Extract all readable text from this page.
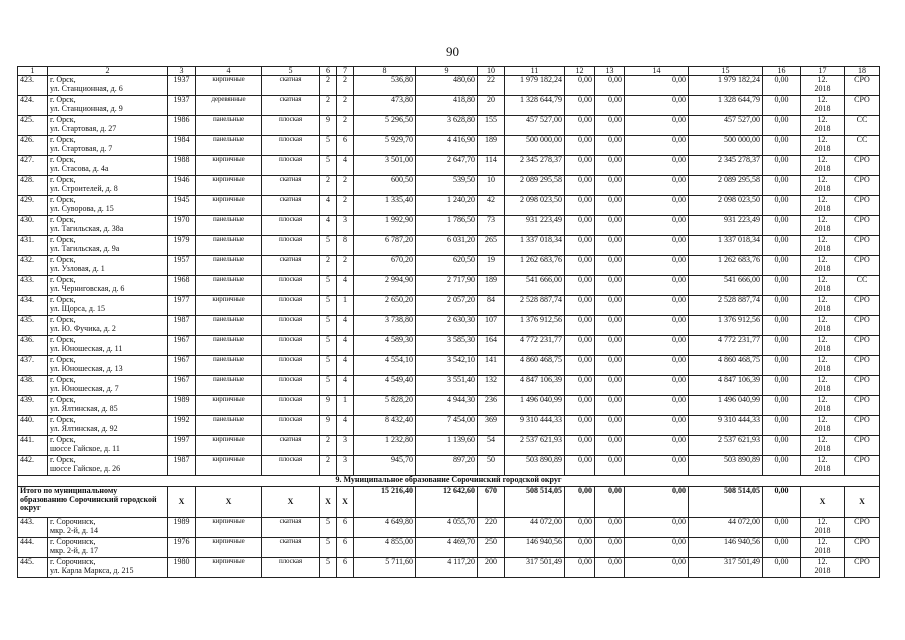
90
1	2	3	4	5	6	7	8	9	10	11	12	13	14	15	16	17	18
423.	г. Орск,
ул. Станционная, д. 6	1937	кирпичные	скатная	2	2	536,80	480,60	22	1 979 182,24	0,00	0,00	0,00	1 979 182,24	0,00	12.
2018	СРО
424.	г. Орск,
ул. Станционная, д. 9	1937	деревянные	скатная	2	2	473,80	418,80	20	1 328 644,79	0,00	0,00	0,00	1 328 644,79	0,00	12.
2018	СРО
425.	г. Орск,
ул. Стартовая, д. 27	1986	панельные	плоская	9	2	5 296,50	3 628,80	155	457 527,00	0,00	0,00	0,00	457 527,00	0,00	12.
2018	СС
426.	г. Орск,
ул. Стартовая, д. 7	1984	панельные	плоская	5	6	5 929,70	4 416,90	189	500 000,00	0,00	0,00	0,00	500 000,00	0,00	12.
2018	СС
427.	г. Орск,
ул. Стасова, д. 4а	1988	кирпичные	плоская	5	4	3 501,00	2 647,70	114	2 345 278,37	0,00	0,00	0,00	2 345 278,37	0,00	12.
2018	СРО
428.	г. Орск,
ул. Строителей, д. 8	1946	кирпичные	скатная	2	2	600,50	539,50	10	2 089 295,58	0,00	0,00	0,00	2 089 295,58	0,00	12.
2018	СРО
429.	г. Орск,
ул. Суворова, д. 15	1945	кирпичные	скатная	4	2	1 335,40	1 240,20	42	2 098 023,50	0,00	0,00	0,00	2 098 023,50	0,00	12.
2018	СРО
430.	г. Орск,
ул. Тагильская, д. 38а	1970	панельные	плоская	4	3	1 992,90	1 786,50	73	931 223,49	0,00	0,00	0,00	931 223,49	0,00	12.
2018	СРО
431.	г. Орск,
ул. Тагильская, д. 9а	1979	панельные	плоская	5	8	6 787,20	6 031,20	265	1 337 018,34	0,00	0,00	0,00	1 337 018,34	0,00	12.
2018	СРО
432.	г. Орск,
ул. Узловая, д. 1	1957	панельные	скатная	2	2	670,20	620,50	19	1 262 683,76	0,00	0,00	0,00	1 262 683,76	0,00	12.
2018	СРО
433.	г. Орск,
ул. Черниговская, д. 6	1968	панельные	плоская	5	4	2 994,90	2 717,90	189	541 666,00	0,00	0,00	0,00	541 666,00	0,00	12.
2018	СС
434.	г. Орск,
ул. Щорса, д. 15	1977	кирпичные	плоская	5	1	2 650,20	2 057,20	84	2 528 887,74	0,00	0,00	0,00	2 528 887,74	0,00	12.
2018	СРО
435.	г. Орск,
ул. Ю. Фучика, д. 2	1987	панельные	плоская	5	4	3 738,80	2 630,30	107	1 376 912,56	0,00	0,00	0,00	1 376 912,56	0,00	12.
2018	СРО
436.	г. Орск,
ул. Юношеская, д. 11	1967	панельные	плоская	5	4	4 589,30	3 585,30	164	4 772 231,77	0,00	0,00	0,00	4 772 231,77	0,00	12.
2018	СРО
437.	г. Орск,
ул. Юношеская, д. 13	1967	панельные	плоская	5	4	4 554,10	3 542,10	141	4 860 468,75	0,00	0,00	0,00	4 860 468,75	0,00	12.
2018	СРО
438.	г. Орск,
ул. Юношеская, д. 7	1967	панельные	плоская	5	4	4 549,40	3 551,40	132	4 847 106,39	0,00	0,00	0,00	4 847 106,39	0,00	12.
2018	СРО
439.	г. Орск,
ул. Ялтинская, д. 85	1989	кирпичные	плоская	9	1	5 828,20	4 944,30	236	1 496 040,99	0,00	0,00	0,00	1 496 040,99	0,00	12.
2018	СРО
440.	г. Орск,
ул. Ялтинская, д. 92	1992	панельные	плоская	9	4	8 432,40	7 454,00	369	9 310 444,33	0,00	0,00	0,00	9 310 444,33	0,00	12.
2018	СРО
441.	г. Орск,
шоссе Гайское, д. 11	1997	кирпичные	скатная	2	3	1 232,80	1 139,60	54	2 537 621,93	0,00	0,00	0,00	2 537 621,93	0,00	12.
2018	СРО
442.	г. Орск,
шоссе Гайское, д. 26	1987	кирпичные	плоская	2	3	945,70	897,20	50	503 890,89	0,00	0,00	0,00	503 890,89	0,00	12.
2018	СРО
9. Муниципальное образование Сорочинский городской округ																	
Итого по муниципальному образованию Сорочинский городской округ		X	X	X	X	X	15 216,40	12 642,60	670	508 514,05	0,00	0,00	0,00	508 514,05	0,00	X	X
443.	г. Сорочинск,
мкр. 2-й, д. 14	1989	кирпичные	скатная	5	6	4 649,80	4 055,70	220	44 072,00	0,00	0,00	0,00	44 072,00	0,00	12.
2018	СРО
444.	г. Сорочинск,
мкр. 2-й, д. 17	1976	кирпичные	скатная	5	6	4 855,00	4 469,70	250	146 940,56	0,00	0,00	0,00	146 940,56	0,00	12.
2018	СРО
445.	г. Сорочинск,
ул. Карла Маркса, д. 215	1980	кирпичные	плоская	5	6	5 711,60	4 117,20	200	317 501,49	0,00	0,00	0,00	317 501,49	0,00	12.
2018	СРО
